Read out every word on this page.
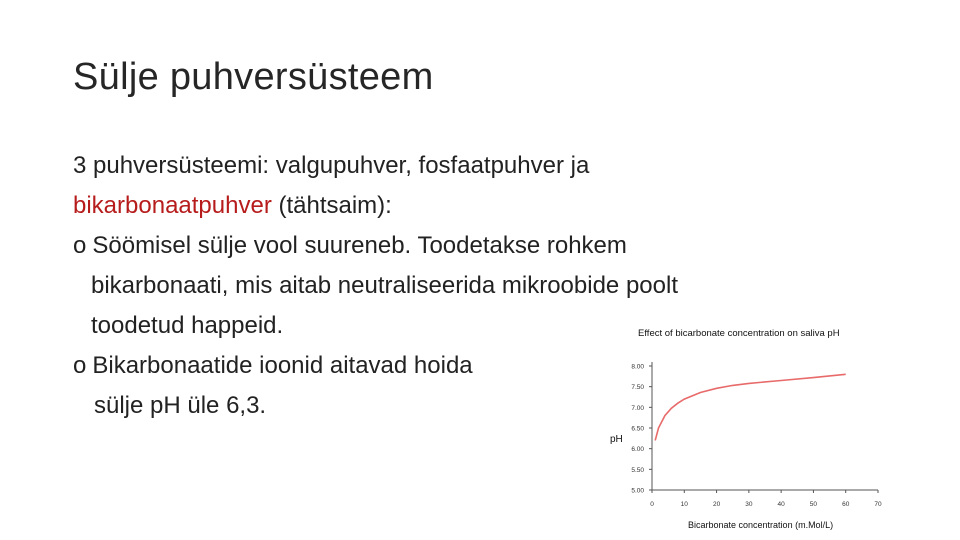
Sülje puhversüsteem
3 puhversüsteemi: valgupuhver, fosfaatpuhver ja
bikarbonaatpuhver (tähtsaim):
o Söömisel sülje vool suureneb. Toodetakse rohkem
bikarbonaati, mis aitab neutraliseerida mikroobide poolt
toodetud happeid.
o Bikarbonaatide ioonid aitavad hoida
sülje pH üle 6,3.
Effect of bicarbonate concentration on saliva pH
pH
Bicarbonate concentration (m.Mol/L)
5.00
5.50
6.00
6.50
7.00
7.50
8.00
0	10	20	30	40	50	60	70
